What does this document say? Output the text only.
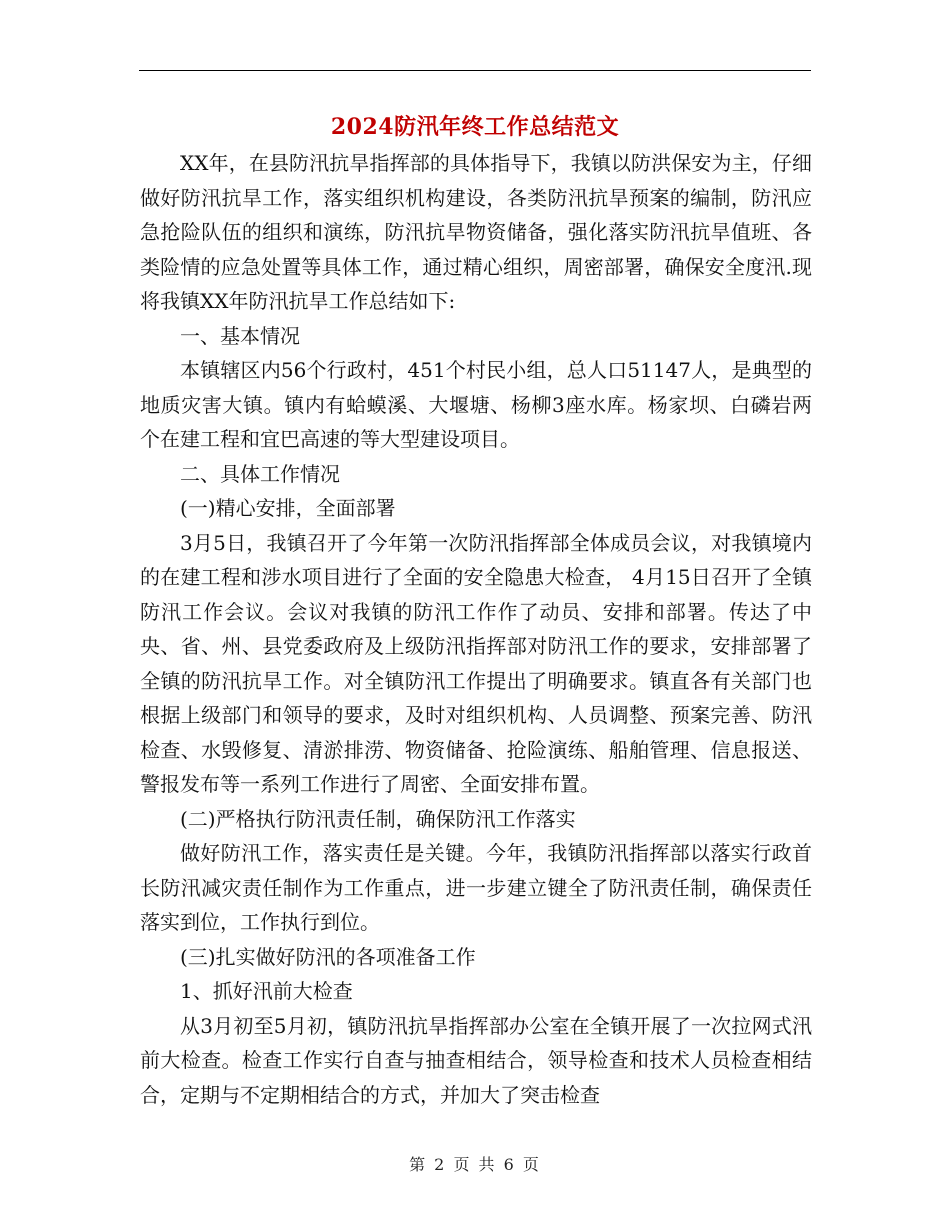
2024防汛年终工作总结范文

XX年，在县防汛抗旱指挥部的具体指导下，我镇以防洪保安为主，仔细做好防汛抗旱工作，落实组织机构建设，各类防汛抗旱预案的编制，防汛应急抢险队伍的组织和演练，防汛抗旱物资储备，强化落实防汛抗旱值班、各类险情的应急处置等具体工作，通过精心组织，周密部署，确保安全度汛.现将我镇XX年防汛抗旱工作总结如下:

一、基本情况

本镇辖区内56个行政村，451个村民小组，总人口51147人，是典型的地质灾害大镇。镇内有蛤蟆溪、大堰塘、杨柳3座水库。杨家坝、白磷岩两个在建工程和宜巴高速的等大型建设项目。

二、具体工作情况

(一)精心安排，全面部署

3月5日，我镇召开了今年第一次防汛指挥部全体成员会议，对我镇境内的在建工程和涉水项目进行了全面的安全隐患大检查， 4月15日召开了全镇防汛工作会议。会议对我镇的防汛工作作了动员、安排和部署。传达了中央、省、州、县党委政府及上级防汛指挥部对防汛工作的要求，安排部署了全镇的防汛抗旱工作。对全镇防汛工作提出了明确要求。镇直各有关部门也根据上级部门和领导的要求，及时对组织机构、人员调整、预案完善、防汛检查、水毁修复、清淤排涝、物资储备、抢险演练、船舶管理、信息报送、警报发布等一系列工作进行了周密、全面安排布置。

(二)严格执行防汛责任制，确保防汛工作落实

做好防汛工作，落实责任是关键。今年，我镇防汛指挥部以落实行政首长防汛减灾责任制作为工作重点，进一步建立键全了防汛责任制，确保责任落实到位，工作执行到位。

(三)扎实做好防汛的各项准备工作

1、抓好汛前大检查

从3月初至5月初，镇防汛抗旱指挥部办公室在全镇开展了一次拉网式汛前大检查。检查工作实行自查与抽查相结合，领导检查和技术人员检查相结合，定期与不定期相结合的方式，并加大了突击检查

第 2 页 共 6 页
